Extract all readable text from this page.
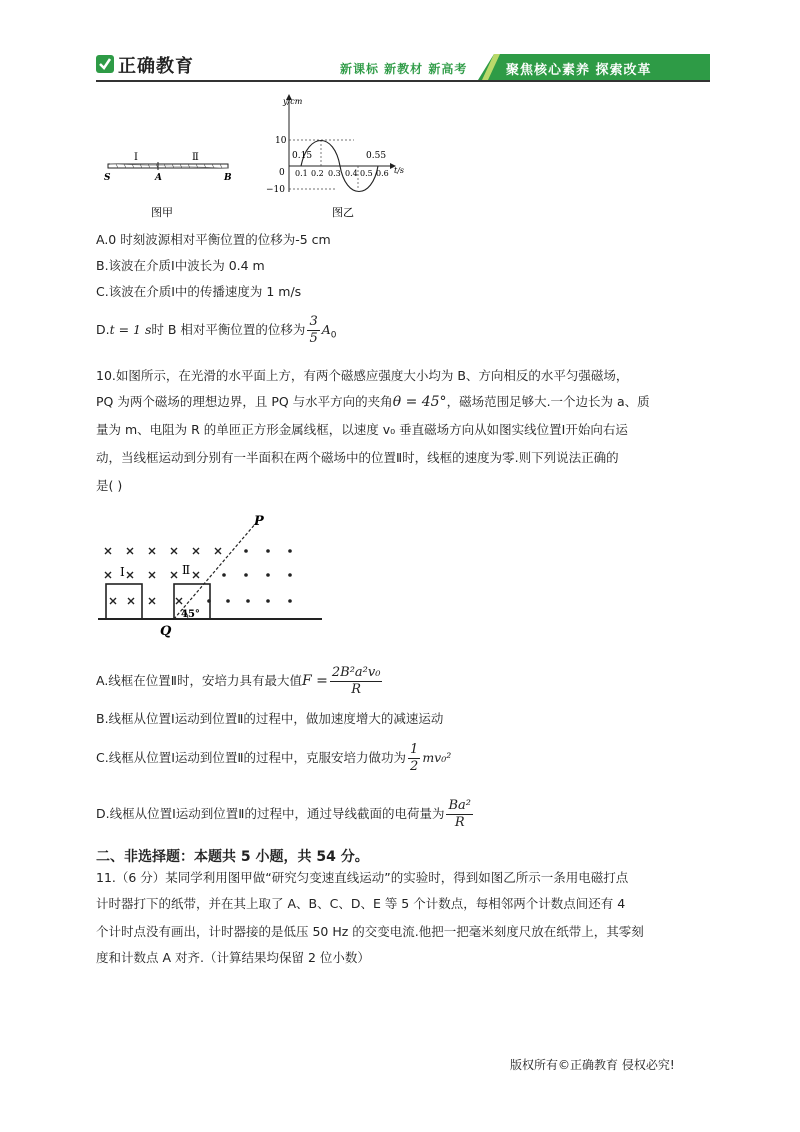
正确教育	新课标 新教材 新高考	聚焦核心素养 探索改革
Ⅰ	Ⅱ
S	A	B
图甲
y/cm
t/s
10
−10
0
0.15	0.55
0.1 0.2 0.3 0.4 0.5 0.6
图乙
A.0 时刻波源相对平衡位置的位移为-5 cm
B.该波在介质Ⅰ中波长为 0.4 m
C.该波在介质Ⅰ中的传播速度为 1 m/s
D.t = 1 s时 B 相对平衡位置的位移为 $\frac{3}{5} A_0$
10.如图所示，在光滑的水平面上方，有两个磁感应强度大小均为 B、方向相反的水平匀强磁场，
PQ 为两个磁场的理想边界，且 PQ 与水平方向的夹角θ = 45°，磁场范围足够大.一个边长为 a、质
量为 m、电阻为 R 的单匝正方形金属线框，以速度 v₀ 垂直磁场方向从如图实线位置Ⅰ开始向右运
动，当线框运动到分别有一半面积在两个磁场中的位置Ⅱ时，线框的速度为零.则下列说法正确的
是( )
P
Q
Ⅰ	Ⅱ
45°
A.线框在位置Ⅱ时，安培力具有最大值$F = \frac{\text{2B²a²v₀}}{R}$
B.线框从位置Ⅰ运动到位置Ⅱ的过程中，做加速度增大的减速运动
C.线框从位置Ⅰ运动到位置Ⅱ的过程中，克服安培力做功为 $\frac{1}{2} mv_0^2$
D.线框从位置Ⅰ运动到位置Ⅱ的过程中，通过导线截面的电荷量为 $\frac{\text{Ba²}}{R}$
二、非选择题：本题共 5 小题，共 54 分。
11.（6 分）某同学利用图甲做“研究匀变速直线运动”的实验时，得到如图乙所示一条用电磁打点
计时器打下的纸带，并在其上取了 A、B、C、D、E 等 5 个计数点，每相邻两个计数点间还有 4
个计时点没有画出，计时器接的是低压 50 Hz 的交变电流.他把一把毫米刻度尺放在纸带上，其零刻
度和计数点 A 对齐.（计算结果均保留 2 位小数）
版权所有©正确教育 侵权必究!
